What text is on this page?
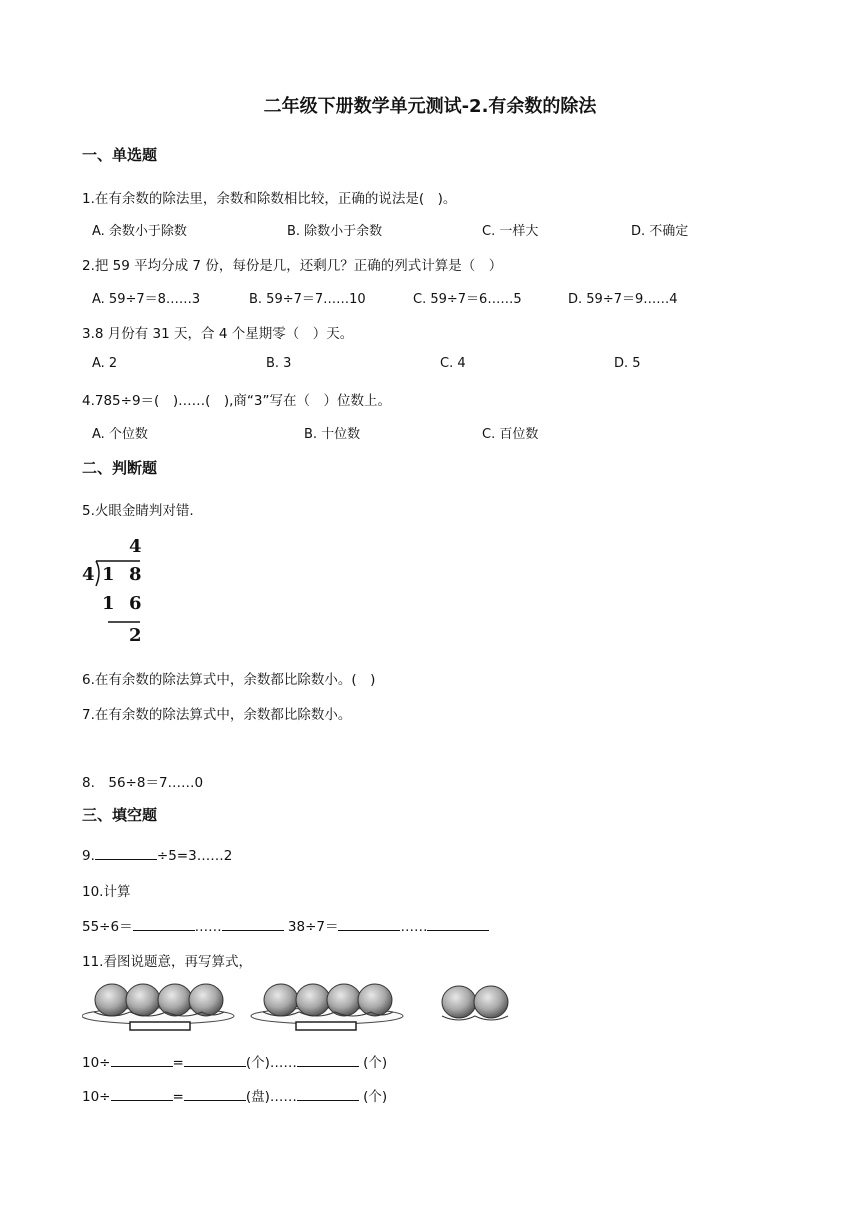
二年级下册数学单元测试-2.有余数的除法
一、单选题
1.在有余数的除法里，余数和除数相比较，正确的说法是(　)。
A. 余数小于除数	B. 除数小于余数	C. 一样大	D. 不确定
2.把 59 平均分成 7 份，每份是几，还剩几？正确的列式计算是（　）
A. 59÷7＝8……3	B. 59÷7＝7……10	C. 59÷7＝6……5	D. 59÷7＝9……4
3.8 月份有 31 天，合 4 个星期零（　）天。
A. 2	B. 3	C. 4	D. 5
4.785÷9＝(　)……(　),商“3”写在（　）位数上。
A. 个位数	B. 十位数	C. 百位数
二、判断题
5.火眼金睛判对错.
4
4 1 8
1 6
2
6.在有余数的除法算式中，余数都比除数小。(　)
7.在有余数的除法算式中，余数都比除数小。
8.　56÷8＝7……0
三、填空题
9.	÷5=3……2
10.计算
55÷6＝	……	38÷7＝	……
11.看图说题意，再写算式，
10÷	=	(个)……	(个)
10÷	=	(盘)……	(个)
